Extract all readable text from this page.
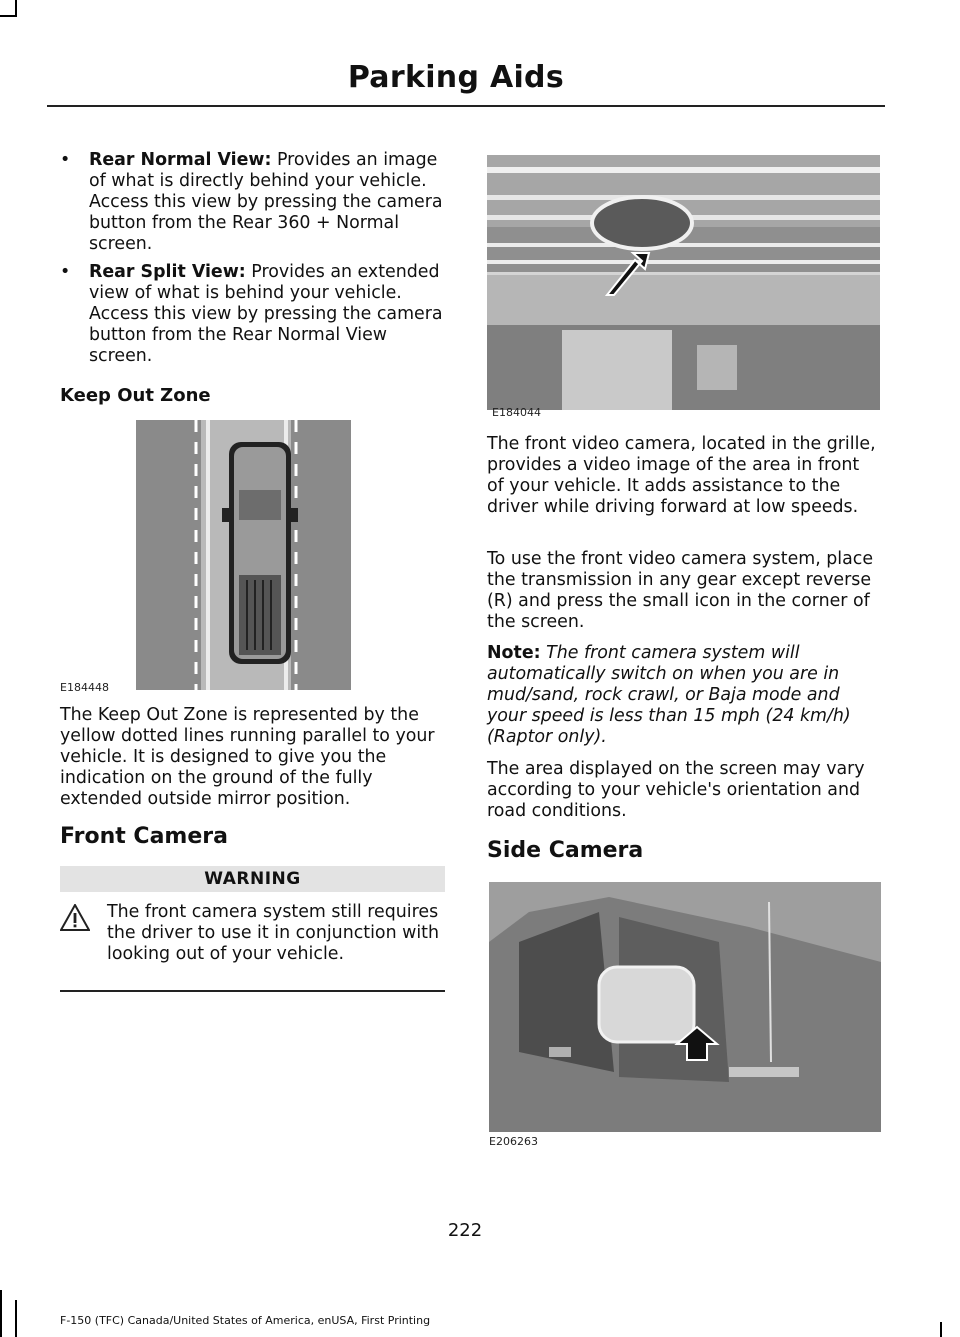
Parking Aids
• Rear Normal View: Provides an image of what is directly behind your vehicle. Access this view by pressing the camera button from the Rear 360 + Normal screen.
• Rear Split View: Provides an extended view of what is behind your vehicle. Access this view by pressing the camera button from the Rear Normal View screen.
Keep Out Zone
E184448
The Keep Out Zone is represented by the yellow dotted lines running parallel to your vehicle. It is designed to give you the indication on the ground of the fully extended outside mirror position.
Front Camera
WARNING
The front camera system still requires the driver to use it in conjunction with looking out of your vehicle.
E184044
The front video camera, located in the grille, provides a video image of the area in front of your vehicle. It adds assistance to the driver while driving forward at low speeds.
To use the front video camera system, place the transmission in any gear except reverse (R) and press the small icon in the corner of the screen.
Note: The front camera system will automatically switch on when you are in mud/sand, rock crawl, or Baja mode and your speed is less than 15 mph (24 km/h) (Raptor only).
The area displayed on the screen may vary according to your vehicle's orientation and road conditions.
Side Camera
E206263
222
F-150 (TFC) Canada/United States of America, enUSA, First Printing
